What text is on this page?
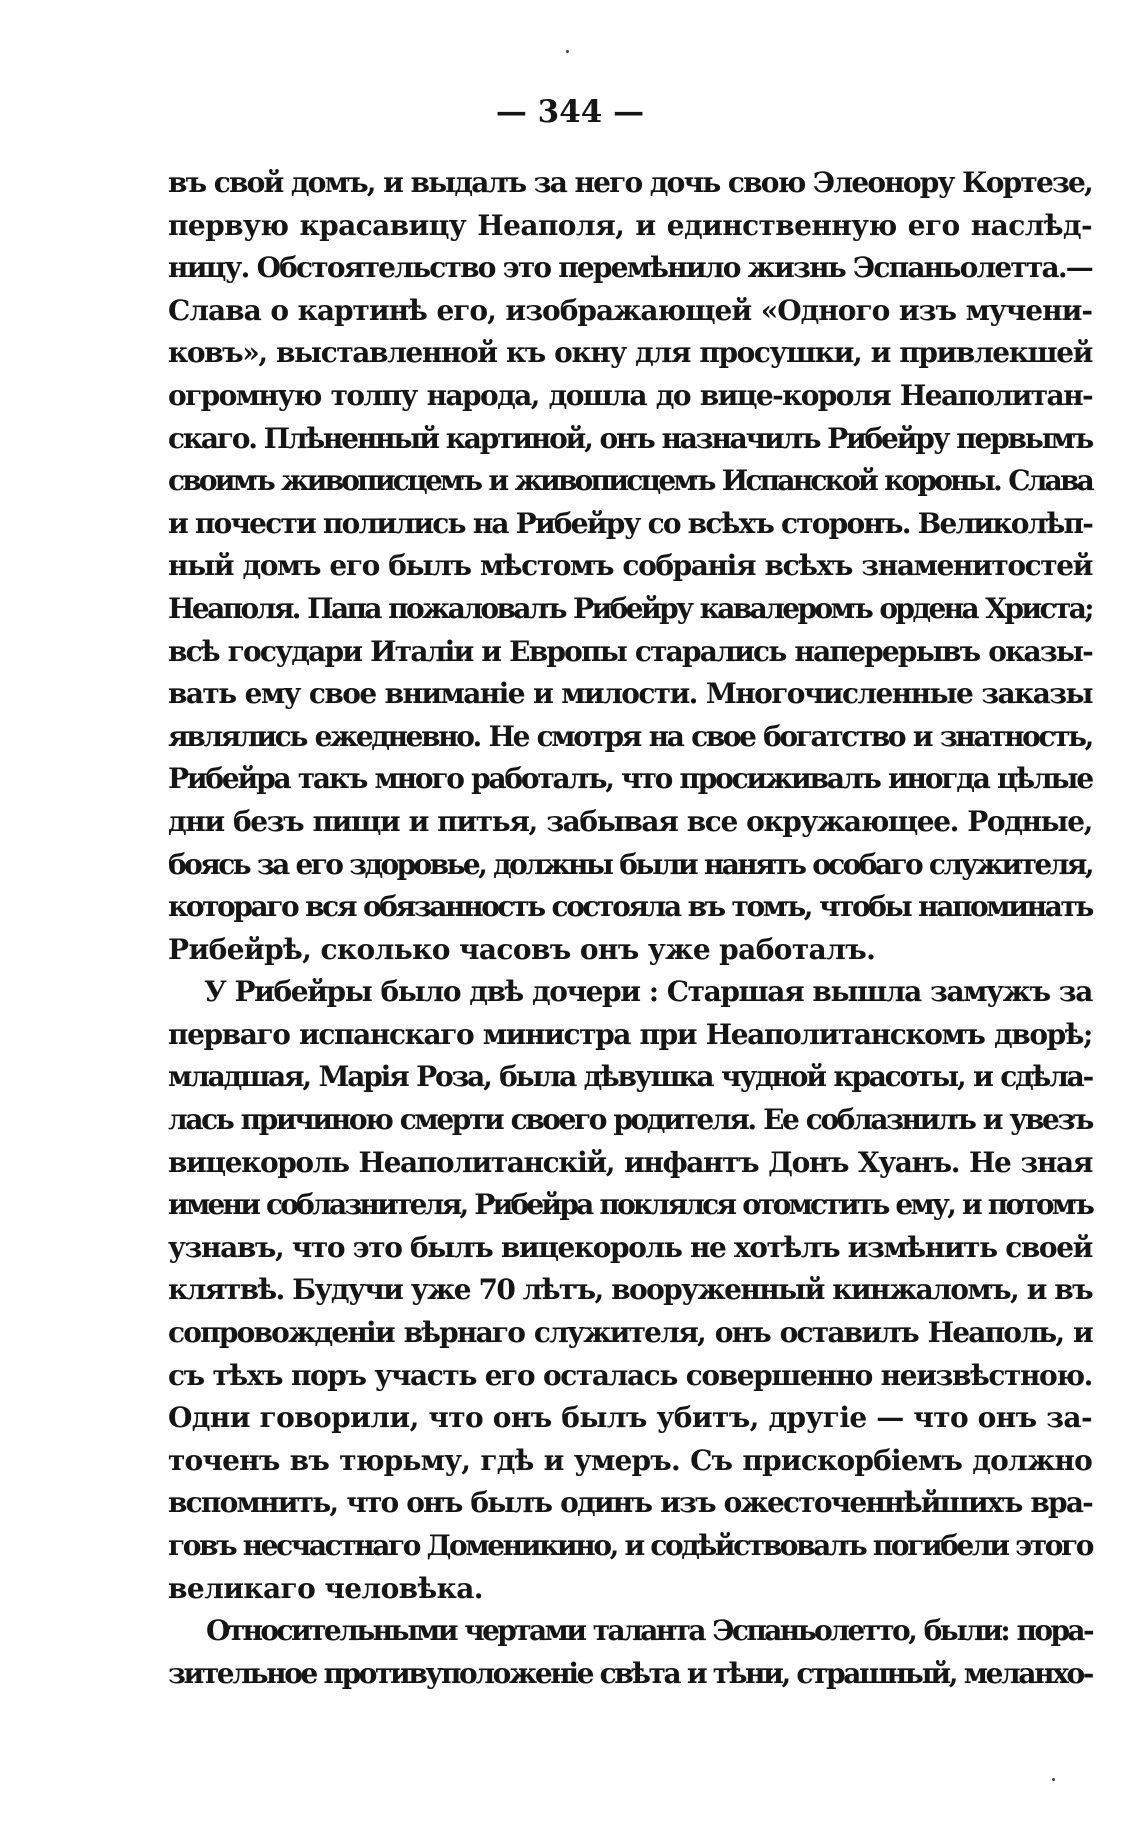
— 344 —

въ свой домъ, и выдалъ за него дочь свою Элеонору Кортезе,
первую красавицу Неаполя, и единственную его наслѣд-
ницу. Обстоятельство это перемѣнило жизнь Эспаньолетта.—
Слава о картинѣ его, изображающей «Одного изъ мучени-
ковъ», выставленной къ окну для просушки, и привлекшей
огромную толпу народа, дошла до вице-короля Неаполитан-
скаго. Плѣненный картиной, онъ назначилъ Рибейру первымъ
своимъ живописцемъ и живописцемъ Испанской короны. Слава
и почести полились на Рибейру со всѣхъ сторонъ. Великолѣп-
ный домъ его былъ мѣстомъ собранія всѣхъ знаменитостей
Неаполя. Папа пожаловалъ Рибейру кавалеромъ ордена Христа;
всѣ государи Италіи и Европы старались наперерывъ оказы-
вать ему свое вниманіе и милости. Многочисленные заказы
являлись ежедневно. Не смотря на свое богатство и знатность,
Рибейра такъ много работалъ, что просиживалъ иногда цѣлые
дни безъ пищи и питья, забывая все окружающее. Родные,
боясь за его здоровье, должны были нанять особаго служителя,
котораго вся обязанность состояла въ томъ, чтобы напоминать
Рибейрѣ, сколько часовъ онъ уже работалъ.

У Рибейры было двѣ дочери : Старшая вышла замужъ за
перваго испанскаго министра при Неаполитанскомъ дворѣ;
младшая, Марія Роза, была дѣвушка чудной красоты, и сдѣла-
лась причиною смерти своего родителя. Ее соблазнилъ и увезъ
вицекороль Неаполитанскій, инфантъ Донъ Хуанъ. Не зная
имени соблазнителя, Рибейра поклялся отомстить ему, и потомъ
узнавъ, что это былъ вицекороль не хотѣлъ измѣнить своей
клятвѣ. Будучи уже 70 лѣтъ, вооруженный кинжаломъ, и въ
сопровожденіи вѣрнаго служителя, онъ оставилъ Неаполь, и
съ тѣхъ поръ участь его осталась совершенно неизвѣстною.
Одни говорили, что онъ былъ убитъ, другіе — что онъ за-
точенъ въ тюрьму, гдѣ и умеръ. Съ прискорбіемъ должно
вспомнить, что онъ былъ одинъ изъ ожесточеннѣйшихъ вра-
говъ несчастнаго Доменикино, и содѣйствовалъ погибели этого
великаго человѣка.

Относительными чертами таланта Эспаньолетто, были: пора-
зительное противуположеніе свѣта и тѣни, страшный, меланхо-
